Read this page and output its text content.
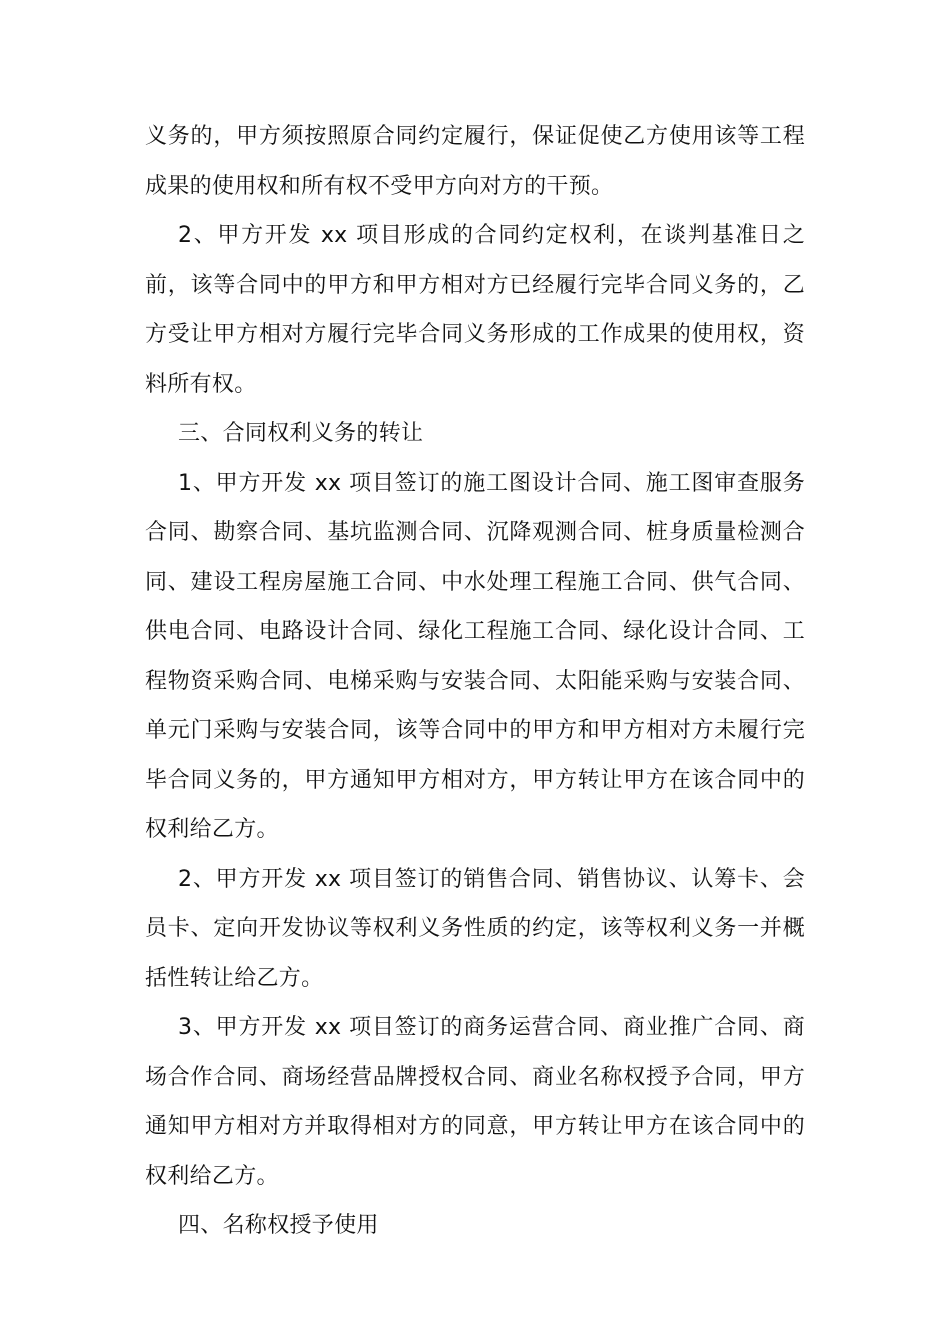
义务的，甲方须按照原合同约定履行，保证促使乙方使用该等工程成果的使用权和所有权不受甲方向对方的干预。

2、甲方开发 xx 项目形成的合同约定权利，在谈判基准日之前，该等合同中的甲方和甲方相对方已经履行完毕合同义务的，乙方受让甲方相对方履行完毕合同义务形成的工作成果的使用权，资料所有权。

三、合同权利义务的转让

1、甲方开发 xx 项目签订的施工图设计合同、施工图审查服务合同、勘察合同、基坑监测合同、沉降观测合同、桩身质量检测合同、建设工程房屋施工合同、中水处理工程施工合同、供气合同、供电合同、电路设计合同、绿化工程施工合同、绿化设计合同、工程物资采购合同、电梯采购与安装合同、太阳能采购与安装合同、单元门采购与安装合同，该等合同中的甲方和甲方相对方未履行完毕合同义务的，甲方通知甲方相对方，甲方转让甲方在该合同中的权利给乙方。

2、甲方开发 xx 项目签订的销售合同、销售协议、认筹卡、会员卡、定向开发协议等权利义务性质的约定，该等权利义务一并概括性转让给乙方。

3、甲方开发 xx 项目签订的商务运营合同、商业推广合同、商场合作合同、商场经营品牌授权合同、商业名称权授予合同，甲方通知甲方相对方并取得相对方的同意，甲方转让甲方在该合同中的权利给乙方。

四、名称权授予使用
